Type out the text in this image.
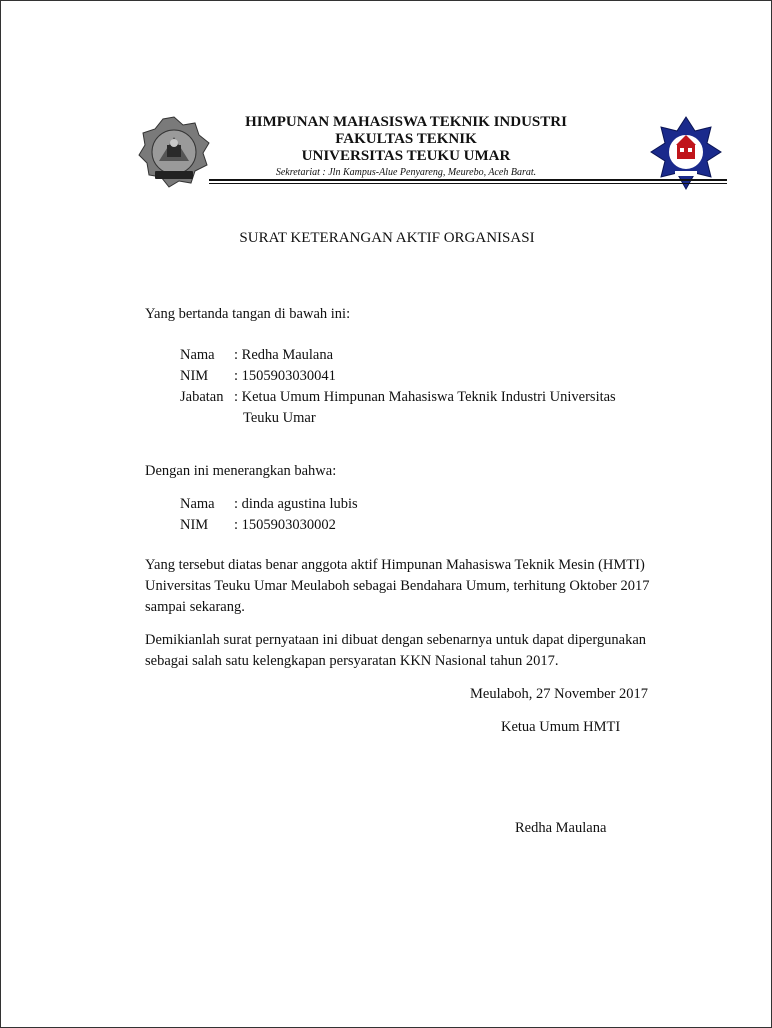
HIMPUNAN MAHASISWA TEKNIK INDUSTRI
FAKULTAS TEKNIK
UNIVERSITAS TEUKU UMAR
Sekretariat : Jln Kampus-Alue Penyareng, Meurebo, Aceh Barat.
SURAT KETERANGAN AKTIF ORGANISASI
Yang bertanda tangan di bawah ini:
Nama : Redha Maulana
NIM : 1505903030041
Jabatan : Ketua Umum Himpunan Mahasiswa Teknik Industri Universitas
Teuku Umar
Dengan ini menerangkan bahwa:
Nama : dinda agustina lubis
NIM : 1505903030002
Yang tersebut diatas benar anggota aktif Himpunan Mahasiswa Teknik Mesin (HMTI)
Universitas Teuku Umar Meulaboh sebagai Bendahara Umum, terhitung Oktober 2017
sampai sekarang.
Demikianlah surat pernyataan ini dibuat dengan sebenarnya untuk dapat dipergunakan
sebagai salah satu kelengkapan persyaratan KKN Nasional tahun 2017.
Meulaboh, 27 November 2017
Ketua Umum HMTI
Redha Maulana
